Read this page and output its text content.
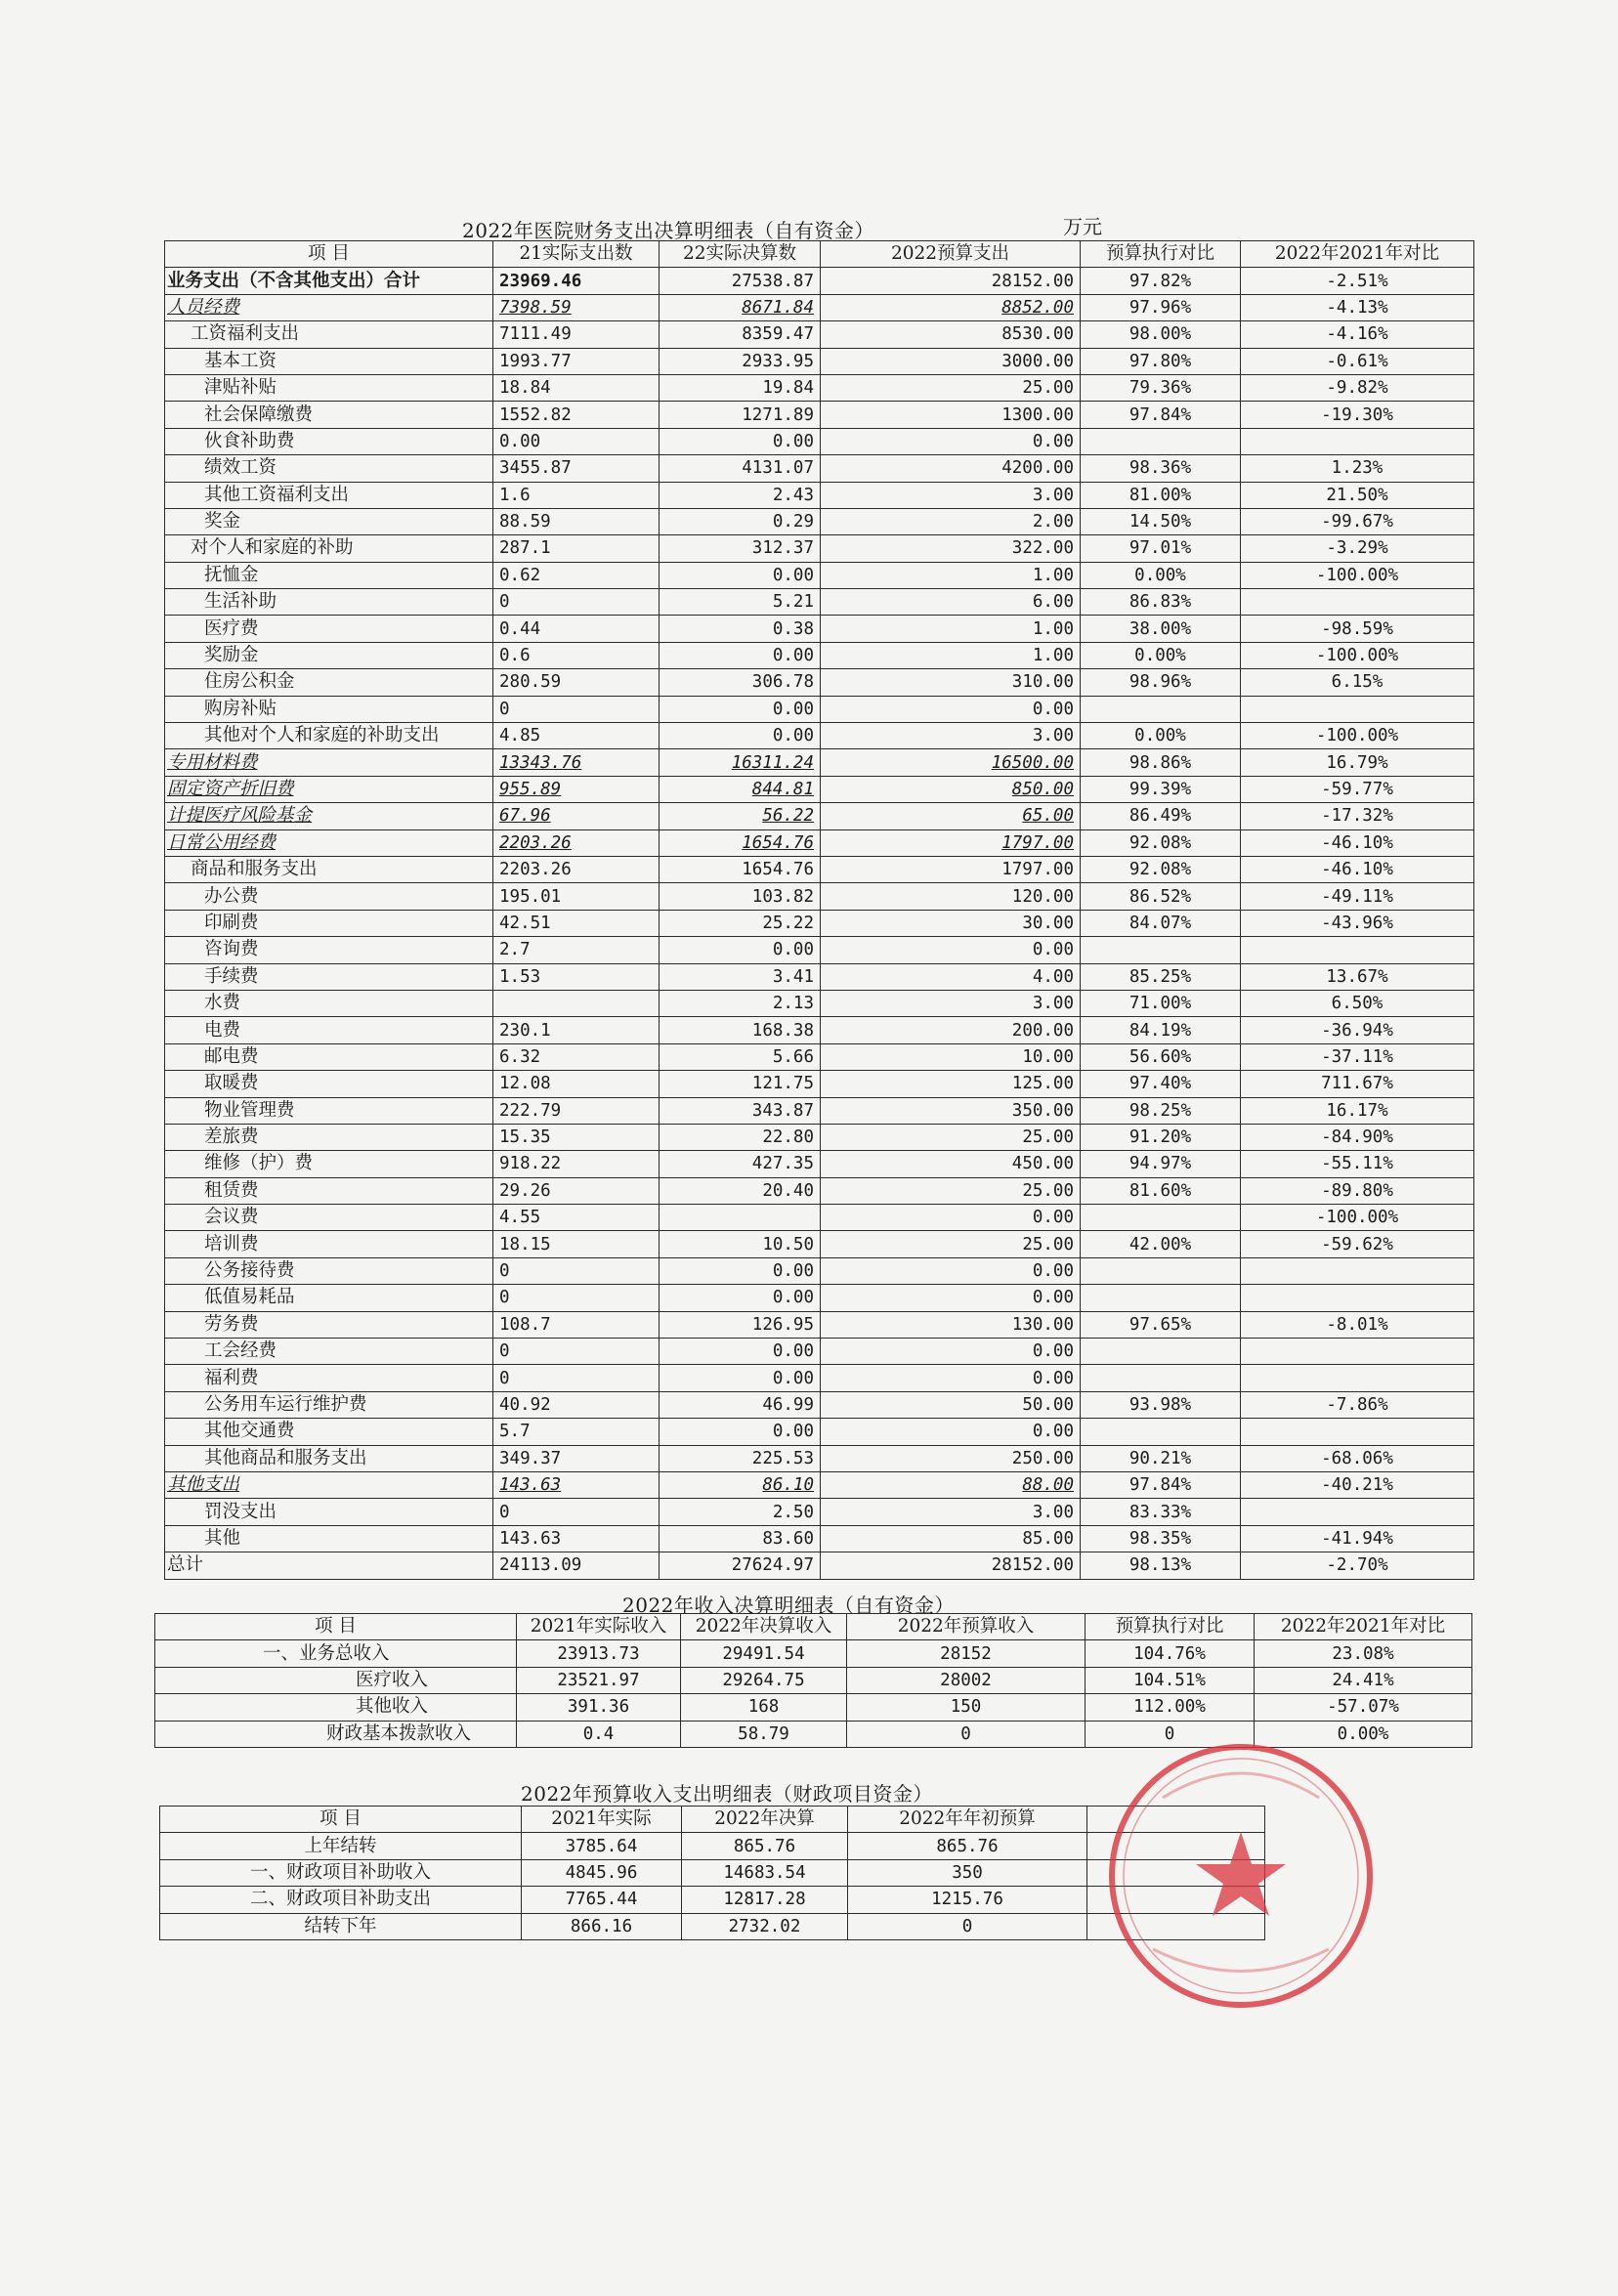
2022年医院财务支出决算明细表（自有资金）	万元
项 目	21实际支出数	22实际决算数	2022预算支出	预算执行对比	2022年2021年对比
业务支出（不含其他支出）合计	23969.46	27538.87	28152.00	97.82%	-2.51%
人员经费	7398.59	8671.84	8852.00	97.96%	-4.13%
工资福利支出	7111.49	8359.47	8530.00	98.00%	-4.16%
基本工资	1993.77	2933.95	3000.00	97.80%	-0.61%
津贴补贴	18.84	19.84	25.00	79.36%	-9.82%
社会保障缴费	1552.82	1271.89	1300.00	97.84%	-19.30%
伙食补助费	0.00	0.00	0.00		
绩效工资	3455.87	4131.07	4200.00	98.36%	1.23%
其他工资福利支出	1.6	2.43	3.00	81.00%	21.50%
奖金	88.59	0.29	2.00	14.50%	-99.67%
对个人和家庭的补助	287.1	312.37	322.00	97.01%	-3.29%
抚恤金	0.62	0.00	1.00	0.00%	-100.00%
生活补助	0	5.21	6.00	86.83%	
医疗费	0.44	0.38	1.00	38.00%	-98.59%
奖励金	0.6	0.00	1.00	0.00%	-100.00%
住房公积金	280.59	306.78	310.00	98.96%	6.15%
购房补贴	0	0.00	0.00		
其他对个人和家庭的补助支出	4.85	0.00	3.00	0.00%	-100.00%
专用材料费	13343.76	16311.24	16500.00	98.86%	16.79%
固定资产折旧费	955.89	844.81	850.00	99.39%	-59.77%
计提医疗风险基金	67.96	56.22	65.00	86.49%	-17.32%
日常公用经费	2203.26	1654.76	1797.00	92.08%	-46.10%
商品和服务支出	2203.26	1654.76	1797.00	92.08%	-46.10%
办公费	195.01	103.82	120.00	86.52%	-49.11%
印刷费	42.51	25.22	30.00	84.07%	-43.96%
咨询费	2.7	0.00	0.00		
手续费	1.53	3.41	4.00	85.25%	13.67%
水费		2.13	3.00	71.00%	6.50%
电费	230.1	168.38	200.00	84.19%	-36.94%
邮电费	6.32	5.66	10.00	56.60%	-37.11%
取暖费	12.08	121.75	125.00	97.40%	711.67%
物业管理费	222.79	343.87	350.00	98.25%	16.17%
差旅费	15.35	22.80	25.00	91.20%	-84.90%
维修（护）费	918.22	427.35	450.00	94.97%	-55.11%
租赁费	29.26	20.40	25.00	81.60%	-89.80%
会议费	4.55		0.00		-100.00%
培训费	18.15	10.50	25.00	42.00%	-59.62%
公务接待费	0	0.00	0.00		
低值易耗品	0	0.00	0.00		
劳务费	108.7	126.95	130.00	97.65%	-8.01%
工会经费	0	0.00	0.00		
福利费	0	0.00	0.00		
公务用车运行维护费	40.92	46.99	50.00	93.98%	-7.86%
其他交通费	5.7	0.00	0.00		
其他商品和服务支出	349.37	225.53	250.00	90.21%	-68.06%
其他支出	143.63	86.10	88.00	97.84%	-40.21%
罚没支出	0	2.50	3.00	83.33%	
其他	143.63	83.60	85.00	98.35%	-41.94%
总计	24113.09	27624.97	28152.00	98.13%	-2.70%
2022年收入决算明细表（自有资金）
项 目	2021年实际收入	2022年决算收入	2022年预算收入	预算执行对比	2022年2021年对比
一、业务总收入	23913.73	29491.54	28152	104.76%	23.08%
医疗收入	23521.97	29264.75	28002	104.51%	24.41%
其他收入	391.36	168	150	112.00%	-57.07%
财政基本拨款收入	0.4	58.79	0	0	0.00%
2022年预算收入支出明细表（财政项目资金）
项 目	2021年实际	2022年决算	2022年年初预算	
上年结转	3785.64	865.76	865.76	
一、财政项目补助收入	4845.96	14683.54	350	
二、财政项目补助支出	7765.44	12817.28	1215.76	
结转下年	866.16	2732.02	0	
